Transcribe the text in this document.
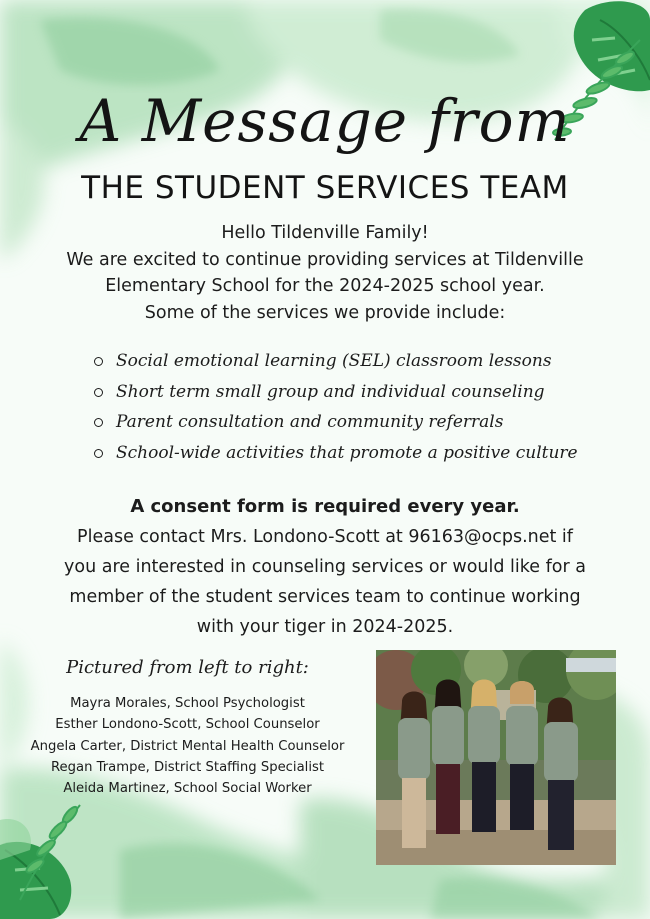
A Message from
THE STUDENT SERVICES TEAM
Hello Tildenville Family!
We are excited to continue providing services at Tildenville
Elementary School for the 2024-2025 school year.
Some of the services we provide include:
Social emotional learning (SEL) classroom lessons
Short term small group and individual counseling
Parent consultation and community referrals
School-wide activities that promote a positive culture
A consent form is required every year.
Please contact Mrs. Londono-Scott at 96163@ocps.net if
you are interested in counseling services or would like for a
member of the student services team to continue working
with your tiger in 2024-2025.
Pictured from left to right:
Mayra Morales, School Psychologist
Esther Londono-Scott, School Counselor
Angela Carter, District Mental Health Counselor
Regan Trampe, District Staffing Specialist
Aleida Martinez, School Social Worker
